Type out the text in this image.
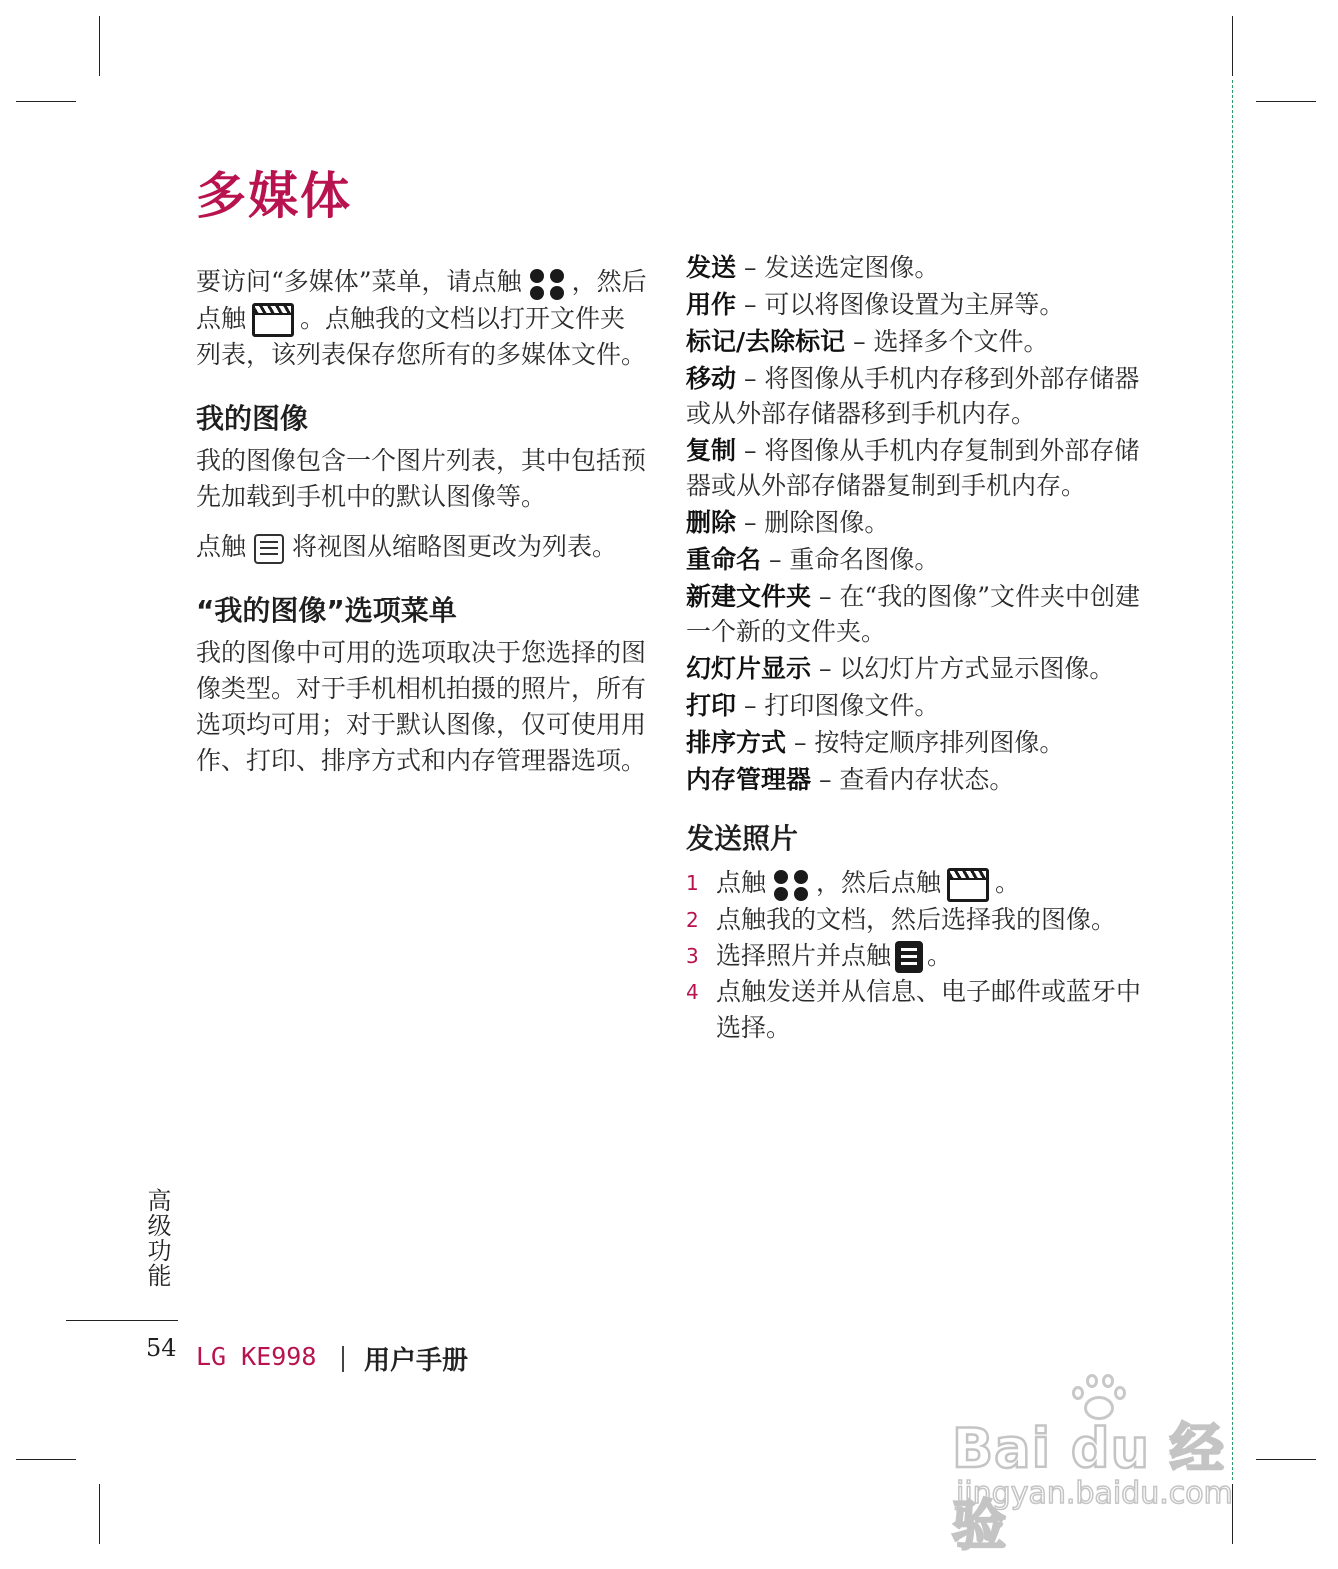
多媒体

要访问“多媒体”菜单，请点触 ，然后点触 。点触我的文档以打开文件夹列表，该列表保存您所有的多媒体文件。

我的图像

我的图像包含一个图片列表，其中包括预先加载到手机中的默认图像等。

点触 将视图从缩略图更改为列表。

“我的图像”选项菜单

我的图像中可用的选项取决于您选择的图像类型。对于手机相机拍摄的照片，所有选项均可用；对于默认图像，仅可使用用作、打印、排序方式和内存管理器选项。

发送 – 发送选定图像。

用作 – 可以将图像设置为主屏等。

标记/去除标记 – 选择多个文件。

移动 – 将图像从手机内存移到外部存储器或从外部存储器移到手机内存。

复制 – 将图像从手机内存复制到外部存储器或从外部存储器复制到手机内存。

删除 – 删除图像。

重命名 – 重命名图像。

新建文件夹 – 在“我的图像”文件夹中创建一个新的文件夹。

幻灯片显示 – 以幻灯片方式显示图像。

打印 – 打印图像文件。

排序方式 – 按特定顺序排列图像。

内存管理器 – 查看内存状态。

发送照片
1 点触 ，然后点触 。
2 点触我的文档，然后选择我的图像。
3 选择照片并点触 。
4 点触发送并从信息、电子邮件或蓝牙中选择。
高级功能
54 LG KE998 用户手册
Bai du 经验
jingyan.baidu.com
